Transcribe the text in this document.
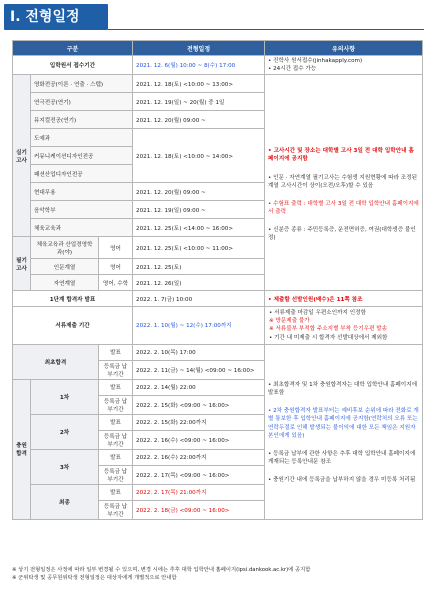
I. 전형일정
구분			전형일정	유의사항
입학원서 접수기간			2021. 12. 6(월) 10:00 ~ 8(수) 17:00	• 진학사 원서접수(jinhakapply.com)

• 24시간 접수 가능

실기고사	영화전공(이론 · 연출 · 스탭)		2021. 12. 18(토) <10:00 ~ 13:00>	• 고사시간 및 장소는 대학별 고사 3일 전 대학 입학안내 홈페이지에 공지함

• 인문 · 자연계열 필기고사는 수험생 지원현황에 따라 조정된계열 고사시간이 상이(오전/오후)할 수 있음

• 수험표 출력 : 대학별 고사 3일 전 대학 입학안내 홈페이지에서 출력

• 신분증 종류 : 주민등록증, 운전면허증, 여권(대학생증 불인정)

	연극전공(연기)		2021. 12. 19(일) ~ 20(월) 중 1일	
	뮤지컬전공(연기)		2021. 12. 20(월) 09:00 ~	
	도예과		2021. 12. 18(토) <10:00 ~ 14:00>	
	커뮤니케이션디자인전공			
	패션산업디자인전공			
	현대무용		2021. 12. 20(월) 09:00 ~	
	음악학부		2021. 12. 19(일) 09:00 ~	
	체육교육과		2021. 12. 25(토) <14:00 ~ 16:00>	
필기고사	체육교육과 산업경영학과(야)	영어	2021. 12. 25(토) <10:00 ~ 11:00>	
	인문계열	영어	2021. 12. 25(토)	
	자연계열	영어, 수학	2021. 12. 26(일)	
1단계 합격자 발표			2022. 1. 7(금) 10:00	• 제출할 선발인원(배수)은 11쪽 참조
서류제출 기간			2022. 1. 10(월) ~ 12(수) 17:00까지	• 서류제출 마감일 우편소인까지 인정함

※ 방문제출 불가

※ 서류불부 부적합 주소지별 부착 등기우편 발송

• 기간 내 미제출 시 합격자 선발대상에서 제외함

최초합격		발표	2022. 2. 10(목) 17:00	• 최초합격자 및 1차 충원합격자는 대학 입학안내 홈페이지에 발표함

• 2차 충원합격자 발표부터는 예비후보 순위에 따라 전화로 개별 통보한 후 입학안내 홈페이지에 공지함(연락처의 오류 또는 연락두절로 인해 발생되는 불이익에 대한 모든 책임은 지원자 본인에게 있음)

• 등록금 납부에 관한 사항은 추후 대학 입학안내 홈페이지에 게재되는 등록안내문 참조

• 충원기간 내에 등록금을 납부하지 않을 경우 미등록 처리됨

		등록금 납부기간	2022. 2. 11(금) ~ 14(월) <09:00 ~ 16:00>	
충원합격	1차	발표	2022. 2. 14(월) 22:00	
		등록금 납부기간	2022. 2. 15(화) <09:00 ~ 16:00>	
	2차	발표	2022. 2. 15(화) 22:00까지	
		등록금 납부기간	2022. 2. 16(수) <09:00 ~ 16:00>	
	3차	발표	2022. 2. 16(수) 22:00까지	
		등록금 납부기간	2022. 2. 17(목) <09:00 ~ 16:00>	
	최종	발표	2022. 2. 17(목) 21:00까지	
		등록금 납부기간	2022. 2. 18(금) <09:00 ~ 16:00>	

※ 상기 전형일정은 사정에 따라 일부 변경될 수 있으며, 변경 시에는 추후 대학 입학안내 홈페이지(ipsi.dankook.ac.kr)에 공지함

※ 군위탁생 및 공무원위탁생 전형일정은 대상자에게 개별적으로 안내함
